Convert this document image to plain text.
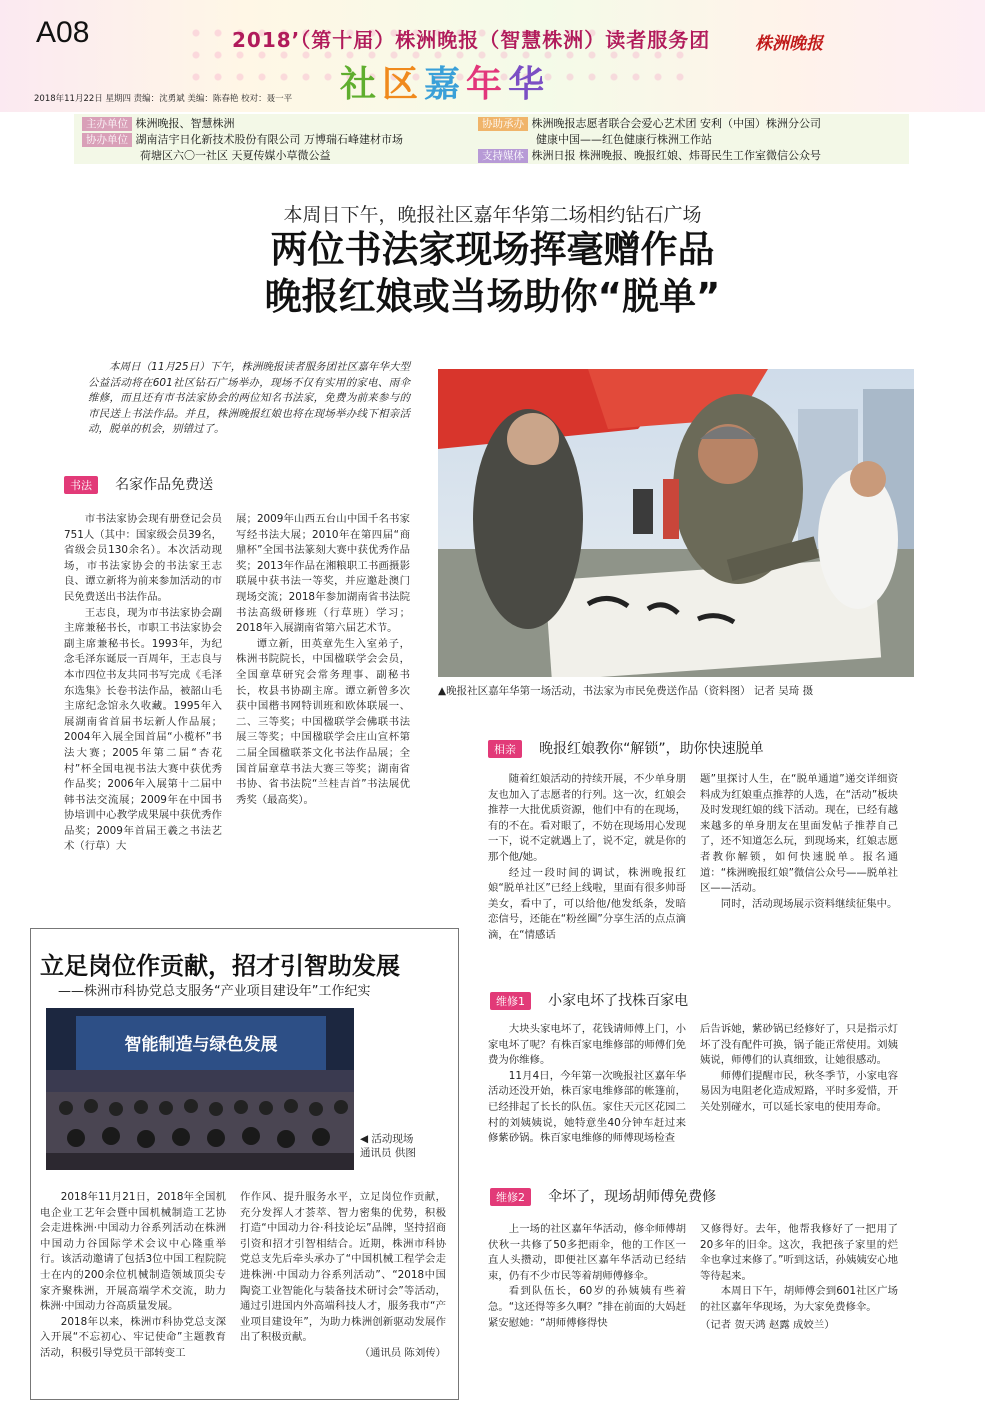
A08	2018’（第十届）株洲晚报（智慧株洲）读者服务团	株洲晚报
社区嘉年华
2018年11月22日 星期四 责编：沈勇斌 美编：陈春艳 校对：聂一平
主办单位 株洲晚报、智慧株洲
协办单位 湖南洁宇日化新技术股份有限公司 万博瑞石峰建材市场
荷塘区六〇一社区 天夏传媒小草微公益
协助承办 株洲晚报志愿者联合会爱心艺术团 安利（中国）株洲分公司
健康中国——红色健康行株洲工作站
支持媒体 株洲日报 株洲晚报、晚报红娘、炜哥民生工作室微信公众号
本周日下午，晚报社区嘉年华第二场相约钻石广场
两位书法家现场挥毫赠作品
晚报红娘或当场助你“脱单”
本周日（11月25日）下午，株洲晚报读者服务团社区嘉年华大型公益活动将在601社区钻石广场举办，现场不仅有实用的家电、雨伞维修，而且还有市书法家协会的两位知名书法家，免费为前来参与的市民送上书法作品。并且，株洲晚报红娘也将在现场举办线下相亲活动，脱单的机会，别错过了。
书法 名家作品免费送

市书法家协会现有册登记会员751人（其中：国家级会员39名，省级会员130余名）。本次活动现场，市书法家协会的书法家王志良、谭立新将为前来参加活动的市民免费送出书法作品。

王志良，现为市书法家协会副主席兼秘书长，市职工书法家协会副主席兼秘书长。1993年，为纪念毛泽东诞辰一百周年，王志良与本市四位书友共同书写完成《毛泽东选集》长卷书法作品，被韶山毛主席纪念馆永久收藏。1995年入展湖南省首届书坛新人作品展；2004年入展全国首届“小榄杯”书法大赛；2005年第二届“杏花村”杯全国电视书法大赛中获优秀作品奖；2006年入展第十二届中韩书法交流展；2009年在中国书协培训中心教学成果展中获优秀作品奖；2009年首届王羲之书法艺术（行草）大

展；2009年山西五台山中国千名书家写经书法大展；2010年在第四届“商鼎杯”全国书法篆刻大赛中获优秀作品奖；2013年作品在湘粮职工书画摄影联展中获书法一等奖，并应邀赴澳门现场交流；2018年参加湖南省书法院书法高级研修班（行草班）学习；2018年入展湖南省第六届艺术节。

谭立新，田英章先生入室弟子，株洲书院院长，中国楹联学会会员，全国章草研究会常务理事、副秘书长，枚县书协副主席。谭立新曾多次获中国楷书网特训班和欧体联展一、二、三等奖；中国楹联学会佛联书法展三等奖；中国楹联学会庄山宣杯第二届全国楹联茶文化书法作品展；全国首届章草书法大赛三等奖；湖南省书协、省书法院“兰桂吉首”书法展优秀奖（最高奖）。

▲晚报社区嘉年华第一场活动，书法家为市民免费送作品（资料图） 记者 吴琦 摄
相亲 晚报红娘教你“解锁”，助你快速脱单

随着红娘活动的持续开展，不少单身朋友也加入了志愿者的行列。这一次，红娘会推荐一大批优质资源，他们中有的在现场，有的不在。看对眼了，不妨在现场用心发现一下，说不定就遇上了，说不定，就是你的那个他/她。

经过一段时间的调试，株洲晚报红娘“脱单社区”已经上线啦，里面有很多帅哥美女，看中了，可以给他/他发纸条，发暗恋信号，还能在“粉丝圈”分享生活的点点滴滴，在“情感话

题”里探讨人生，在“脱单通道”递交详细资料成为红娘重点推荐的人选，在“活动”板块及时发现红娘的线下活动。现在，已经有越来越多的单身朋友在里面发帖子推荐自己了，还不知道怎么玩，到现场来，红娘志愿者教你解锁，如何快速脱单。报名通道：“株洲晚报红娘”微信公众号——脱单社区——活动。

同时，活动现场展示资料继续征集中。

维修1 小家电坏了找株百家电

大块头家电坏了，花钱请师傅上门，小家电坏了呢？有株百家电维修部的师傅们免费为你维修。

11月4日，今年第一次晚报社区嘉年华活动还没开始，株百家电维修部的帐篷前，已经排起了长长的队伍。家住天元区花园二村的刘姨姨说，她特意坐40分钟车赶过来修紫砂锅。株百家电维修的师傅现场检查

后告诉她，紫砂锅已经修好了，只是指示灯坏了没有配件可换，锅子能正常使用。刘姨姨说，师傅们的认真细致，让她很感动。

师傅们提醒市民，秋冬季节，小家电容易因为电阻老化造成短路，平时多爱惜，开关处别碰水，可以延长家电的使用寿命。

维修2 伞坏了，现场胡师傅免费修

上一场的社区嘉年华活动，修伞师傅胡伏秋一共修了50多把雨伞，他的工作区一直人头攒动，即便社区嘉年华活动已经结束，仍有不少市民等着胡师傅修伞。

看到队伍长，60岁的孙姨姨有些着急。“这还得等多久啊？”排在前面的大妈赶紧安慰她：“胡师傅修得快

又修得好。去年，他帮我修好了一把用了20多年的旧伞。这次，我把孩子家里的烂伞也拿过来修了。”听到这话，孙姨姨安心地等待起来。

本周日下午，胡师傅会到601社区广场的社区嘉年华现场，为大家免费修伞。

（记者 贺天鸿 赵露 成姣兰）

立足岗位作贡献，招才引智助发展
——株洲市科协党总支服务“产业项目建设年”工作纪实
智能制造与绿色发展
◀ 活动现场
通讯员 供图

2018年11月21日，2018年全国机电企业工艺年会暨中国机械制造工艺协会走进株洲·中国动力谷系列活动在株洲中国动力谷国际学术会议中心隆重举行。该活动邀请了包括3位中国工程院院士在内的200余位机械制造领域顶尖专家齐聚株洲，开展高端学术交流，助力株洲·中国动力谷高质量发展。

2018年以来，株洲市科协党总支深入开展“不忘初心、牢记使命”主题教育活动，积极引导党员干部转变工

作作风、提升服务水平，立足岗位作贡献，充分发挥人才荟萃、智力密集的优势，积极打造“中国动力谷·科技论坛”品牌，坚持招商引资和招才引智相结合。近期，株洲市科协党总支先后牵头承办了“中国机械工程学会走进株洲·中国动力谷系列活动”、“2018中国陶瓷工业智能化与装备技术研讨会”等活动，通过引进国内外高端科技人才，服务我市“产业项目建设年”，为助力株洲创新驱动发展作出了积极贡献。

（通讯员 陈刘传）
